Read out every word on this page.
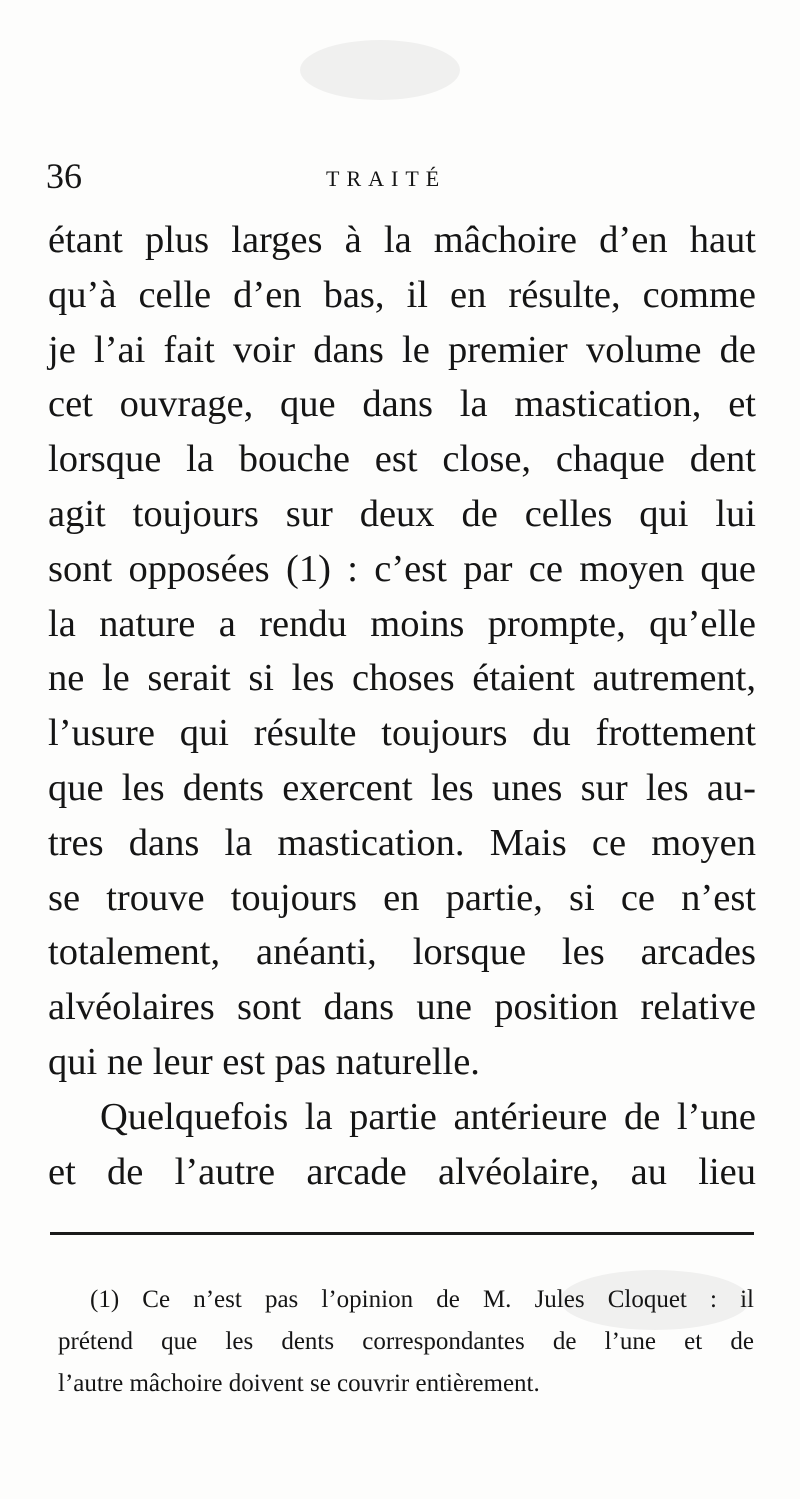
36	TRAITÉ
étant plus larges à la mâchoire d’en haut
qu’à celle d’en bas, il en résulte, comme
je l’ai fait voir dans le premier volume de
cet ouvrage, que dans la mastication, et
lorsque la bouche est close, chaque dent
agit toujours sur deux de celles qui lui
sont opposées (1) : c’est par ce moyen que
la nature a rendu moins prompte, qu’elle
ne le serait si les choses étaient autrement,
l’usure qui résulte toujours du frottement
que les dents exercent les unes sur les au-
tres dans la mastication. Mais ce moyen
se trouve toujours en partie, si ce n’est
totalement, anéanti, lorsque les arcades
alvéolaires sont dans une position relative
qui ne leur est pas naturelle.
Quelquefois la partie antérieure de l’une
et de l’autre arcade alvéolaire, au lieu
(1) Ce n’est pas l’opinion de M. Jules Cloquet : il
prétend que les dents correspondantes de l’une et de
l’autre mâchoire doivent se couvrir entièrement.
